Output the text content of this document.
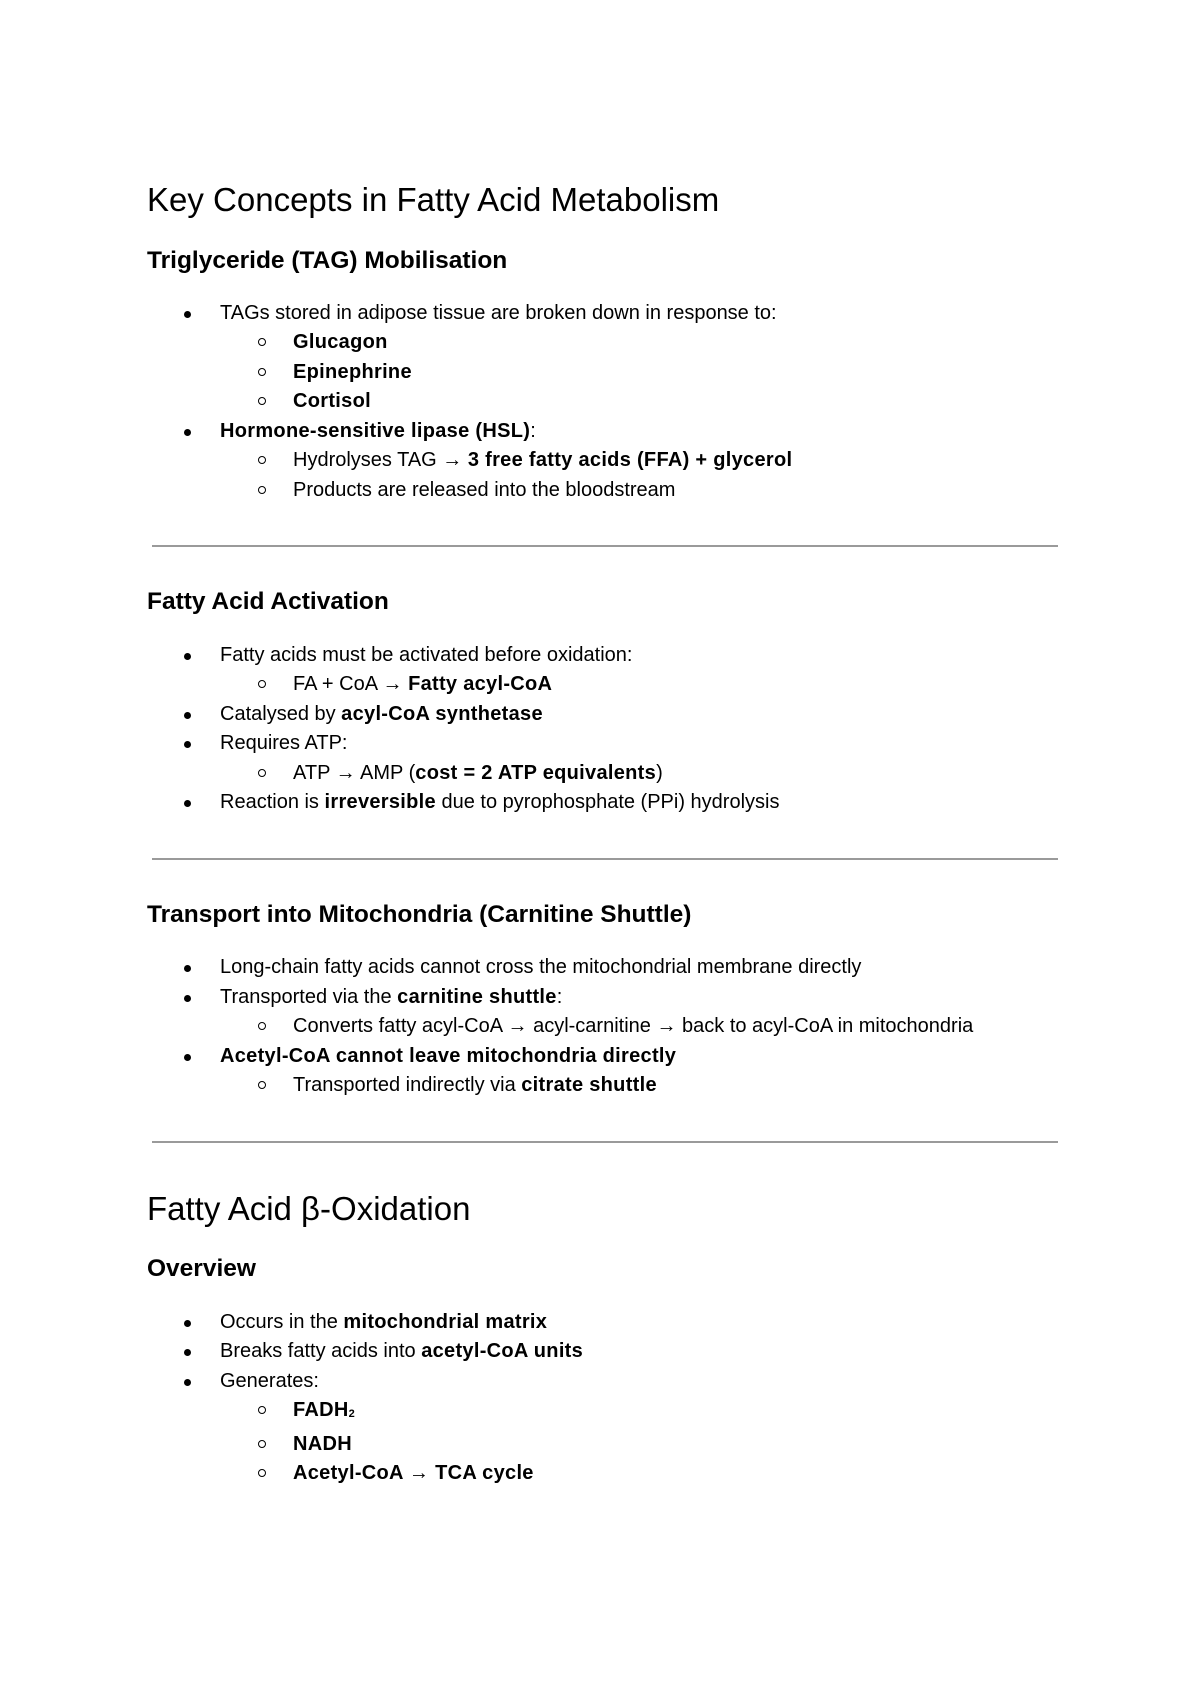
Key Concepts in Fatty Acid Metabolism
Triglyceride (TAG) Mobilisation
TAGs stored in adipose tissue are broken down in response to:
Glucagon
Epinephrine
Cortisol
Hormone-sensitive lipase (HSL):
Hydrolyses TAG → 3 free fatty acids (FFA) + glycerol
Products are released into the bloodstream
Fatty Acid Activation
Fatty acids must be activated before oxidation:
FA + CoA → Fatty acyl-CoA
Catalysed by acyl-CoA synthetase
Requires ATP:
ATP → AMP (cost = 2 ATP equivalents)
Reaction is irreversible due to pyrophosphate (PPi) hydrolysis
Transport into Mitochondria (Carnitine Shuttle)
Long-chain fatty acids cannot cross the mitochondrial membrane directly
Transported via the carnitine shuttle:
Converts fatty acyl-CoA → acyl-carnitine → back to acyl-CoA in mitochondria
Acetyl-CoA cannot leave mitochondria directly
Transported indirectly via citrate shuttle
Fatty Acid β-Oxidation
Overview
Occurs in the mitochondrial matrix
Breaks fatty acids into acetyl-CoA units
Generates:
$FADH_2$
NADH
Acetyl-CoA → TCA cycle
